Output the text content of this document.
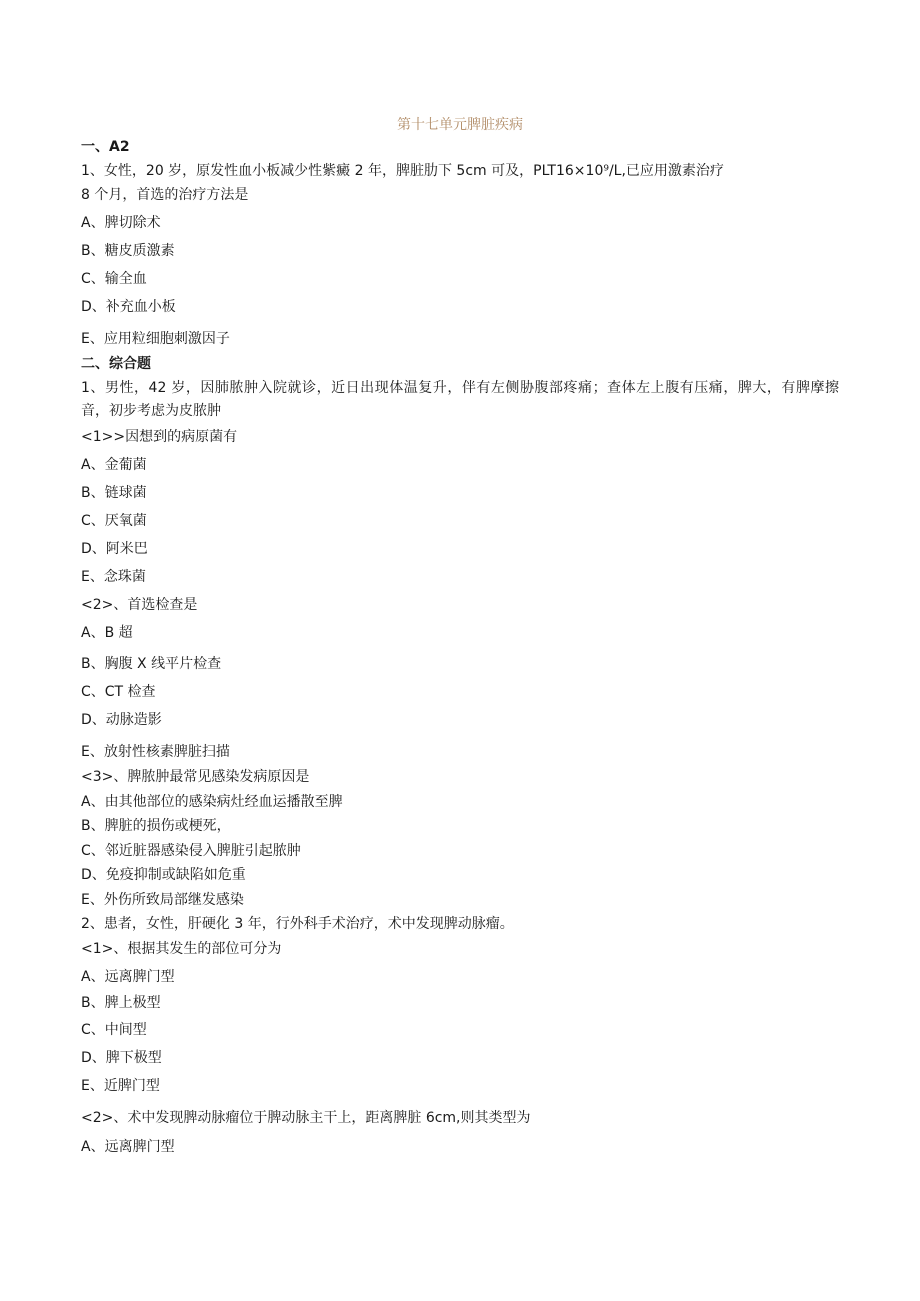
第十七单元脾脏疾病
一、A2
1、女性，20 岁，原发性血小板减少性紫癜 2 年，脾脏肋下 5cm 可及，PLT16×10⁹/L,已应用激素治疗
8 个月，首选的治疗方法是
A、脾切除术
B、糖皮质激素
C、输全血
D、补充血小板
E、应用粒细胞刺激因子
二、综合题
1、男性，42 岁，因肺脓肿入院就诊，近日出现体温复升，伴有左侧胁腹部疼痛；查体左上腹有压痛，脾大，有脾摩擦音，初步考虑为皮脓肿
<1>>因想到的病原菌有
A、金葡菌
B、链球菌
C、厌氧菌
D、阿米巴
E、念珠菌
<2>、首选检查是
A、B 超
B、胸腹 X 线平片检查
C、CT 检查
D、动脉造影
E、放射性核素脾脏扫描
<3>、脾脓肿最常见感染发病原因是
A、由其他部位的感染病灶经血运播散至脾
B、脾脏的损伤或梗死，
C、邻近脏器感染侵入脾脏引起脓肿
D、免疫抑制或缺陷如危重
E、外伤所致局部继发感染
2、患者，女性，肝硬化 3 年，行外科手术治疗，术中发现脾动脉瘤。
<1>、根据其发生的部位可分为
A、远离脾门型
B、脾上极型
C、中间型
D、脾下极型
E、近脾门型
<2>、术中发现脾动脉瘤位于脾动脉主干上，距离脾脏 6cm,则其类型为
A、远离脾门型
